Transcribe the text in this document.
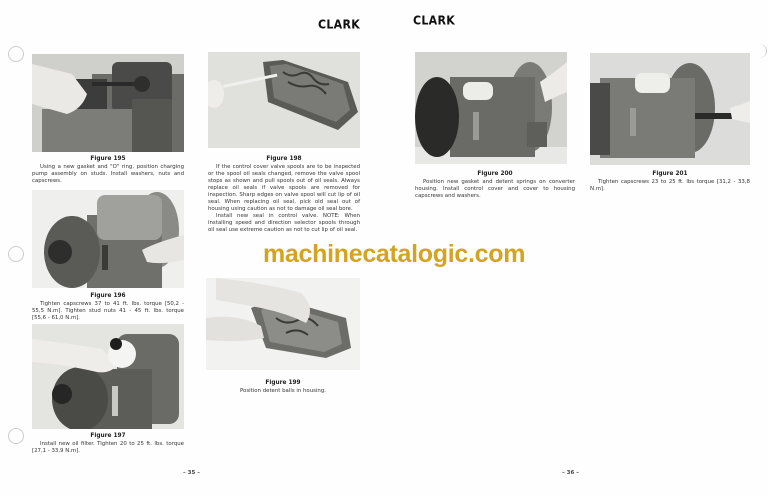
CLARK	CLARK
Figure 195
Using a new gasket and "O" ring, position charging pump assembly on studs. Install washers, nuts and capscrews.
Figure 196
Tighten capscrews 37 to 41 ft. lbs. torque [50,2 - 55,5 N.m]. Tighten stud nuts 41 - 45 ft. lbs. torque [55,6 - 61,0 N.m].
Figure 197
Install new oil filter. Tighten 20 to 25 ft. lbs. torque [27,1 - 33,9 N.m].
Figure 198

If the control cover valve spools are to be inspected or the spool oil seals changed, remove the valve spool stops as shown and pull spools out of oil seals. Always replace oil seals if valve spools are removed for inspection. Sharp edges on valve spool will cut lip of oil seal. When replacing oil seal, pick old seal out of housing using caution as not to damage oil seal bore.

Install new seal in control valve. NOTE: When installing speed and direction selector spools through oil seal use extreme caution as not to cut lip of oil seal.

Figure 199
Position detent balls in housing.
Figure 200
Position new gasket and detent springs on converter housing. Install control cover and cover to housing capscrews and washers.
Figure 201
Tighten capscrews 23 to 25 ft. lbs torque [31,2 - 33,8 N.m].
machinecatalogic.com
– 35 –	– 36 –
